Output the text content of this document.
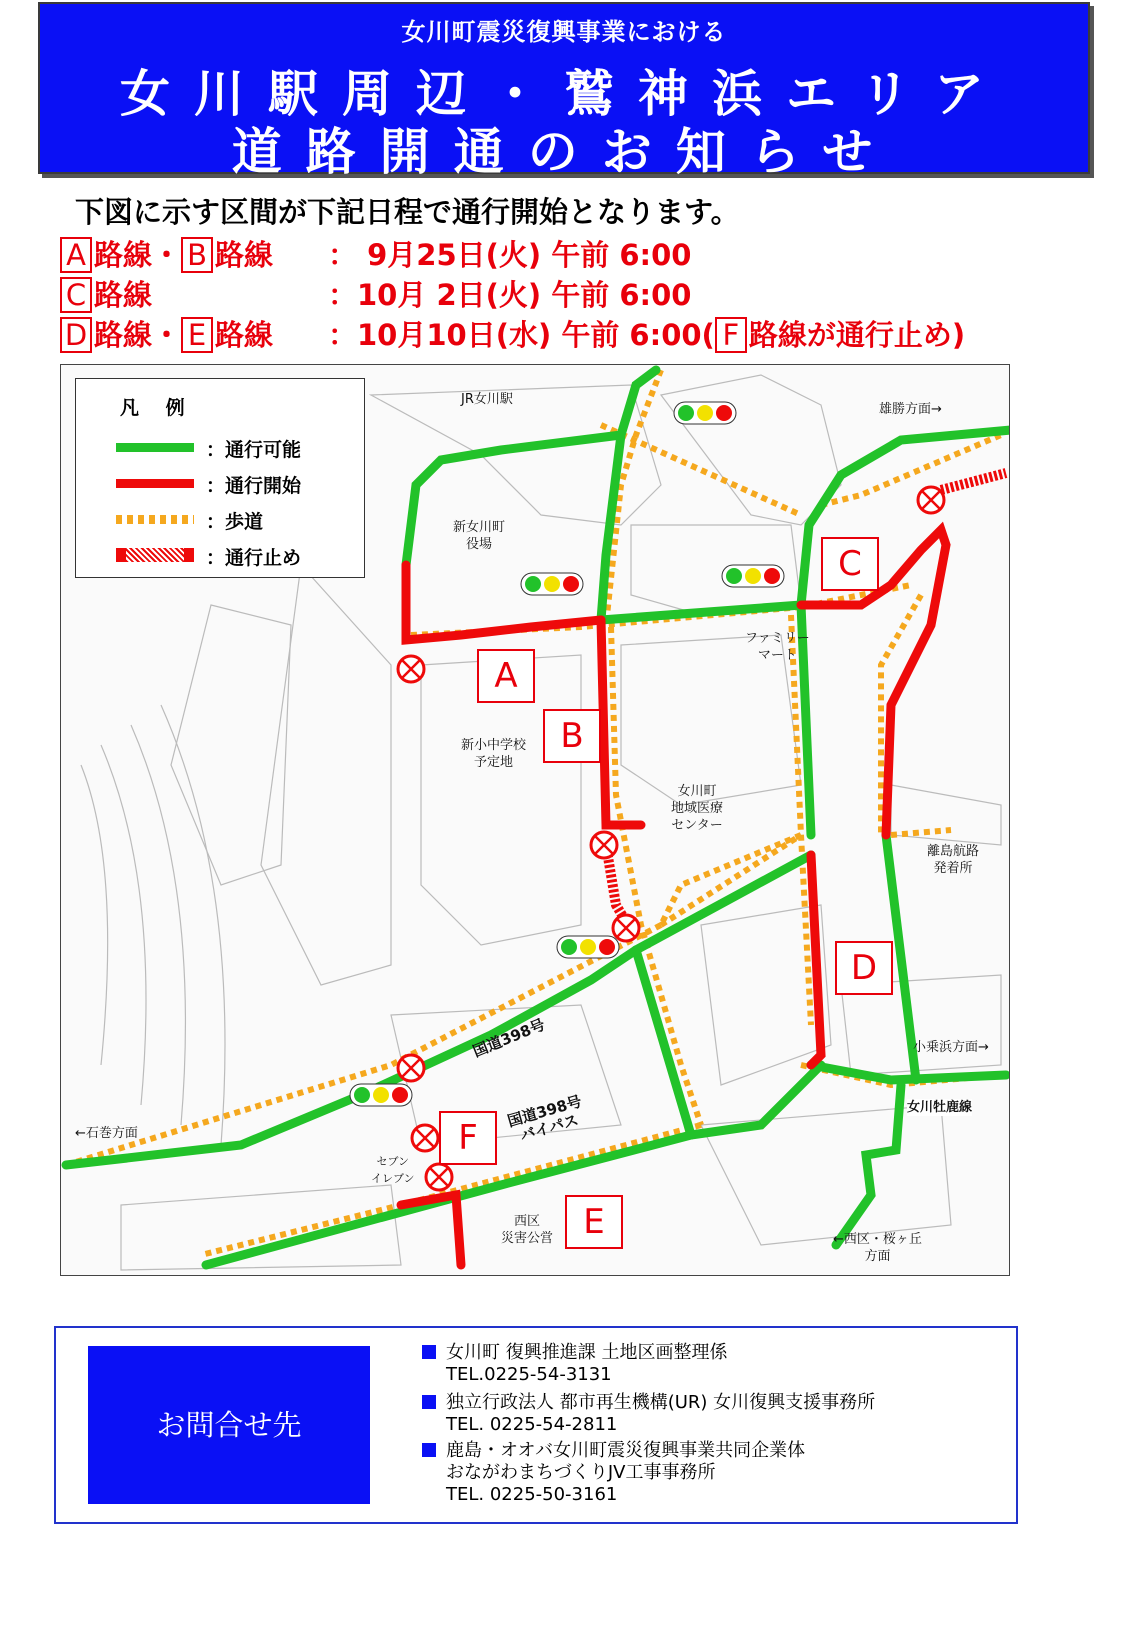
女川町震災復興事業における
女川駅周辺・鷲神浜エリア
道路開通のお知らせ
下図に示す区間が下記日程で通行開始となります。
A 路線・ B 路線 ： 9月25日(火) 午前 6:00
C 路線	：10月 2日(火) 午前 6:00
D 路線・ E 路線 ：10月10日(水) 午前 6:00( F 路線が通行止め)
凡 例
：通行可能
：通行開始
：歩道
：通行止め
JR女川駅
雄勝方面→
新女川町
役場
ファミリー
マート
新小中学校
予定地
女川町
地域医療
センター
離島航路
発着所
国道398号
国道398号
バイパス
小乗浜方面→
←石巻方面
女川牡鹿線
セブン
イレブン
西区
災害公営	←西区・桜ヶ丘
方面
A
B
C
D
E
F
お問合せ先
女川町 復興推進課 土地区画整理係
TEL.0225-54-3131
独立行政法人 都市再生機構(UR) 女川復興支援事務所
TEL. 0225-54-2811
鹿島・オオバ女川町震災復興事業共同企業体
おながわまちづくりJV工事事務所
TEL. 0225-50-3161
